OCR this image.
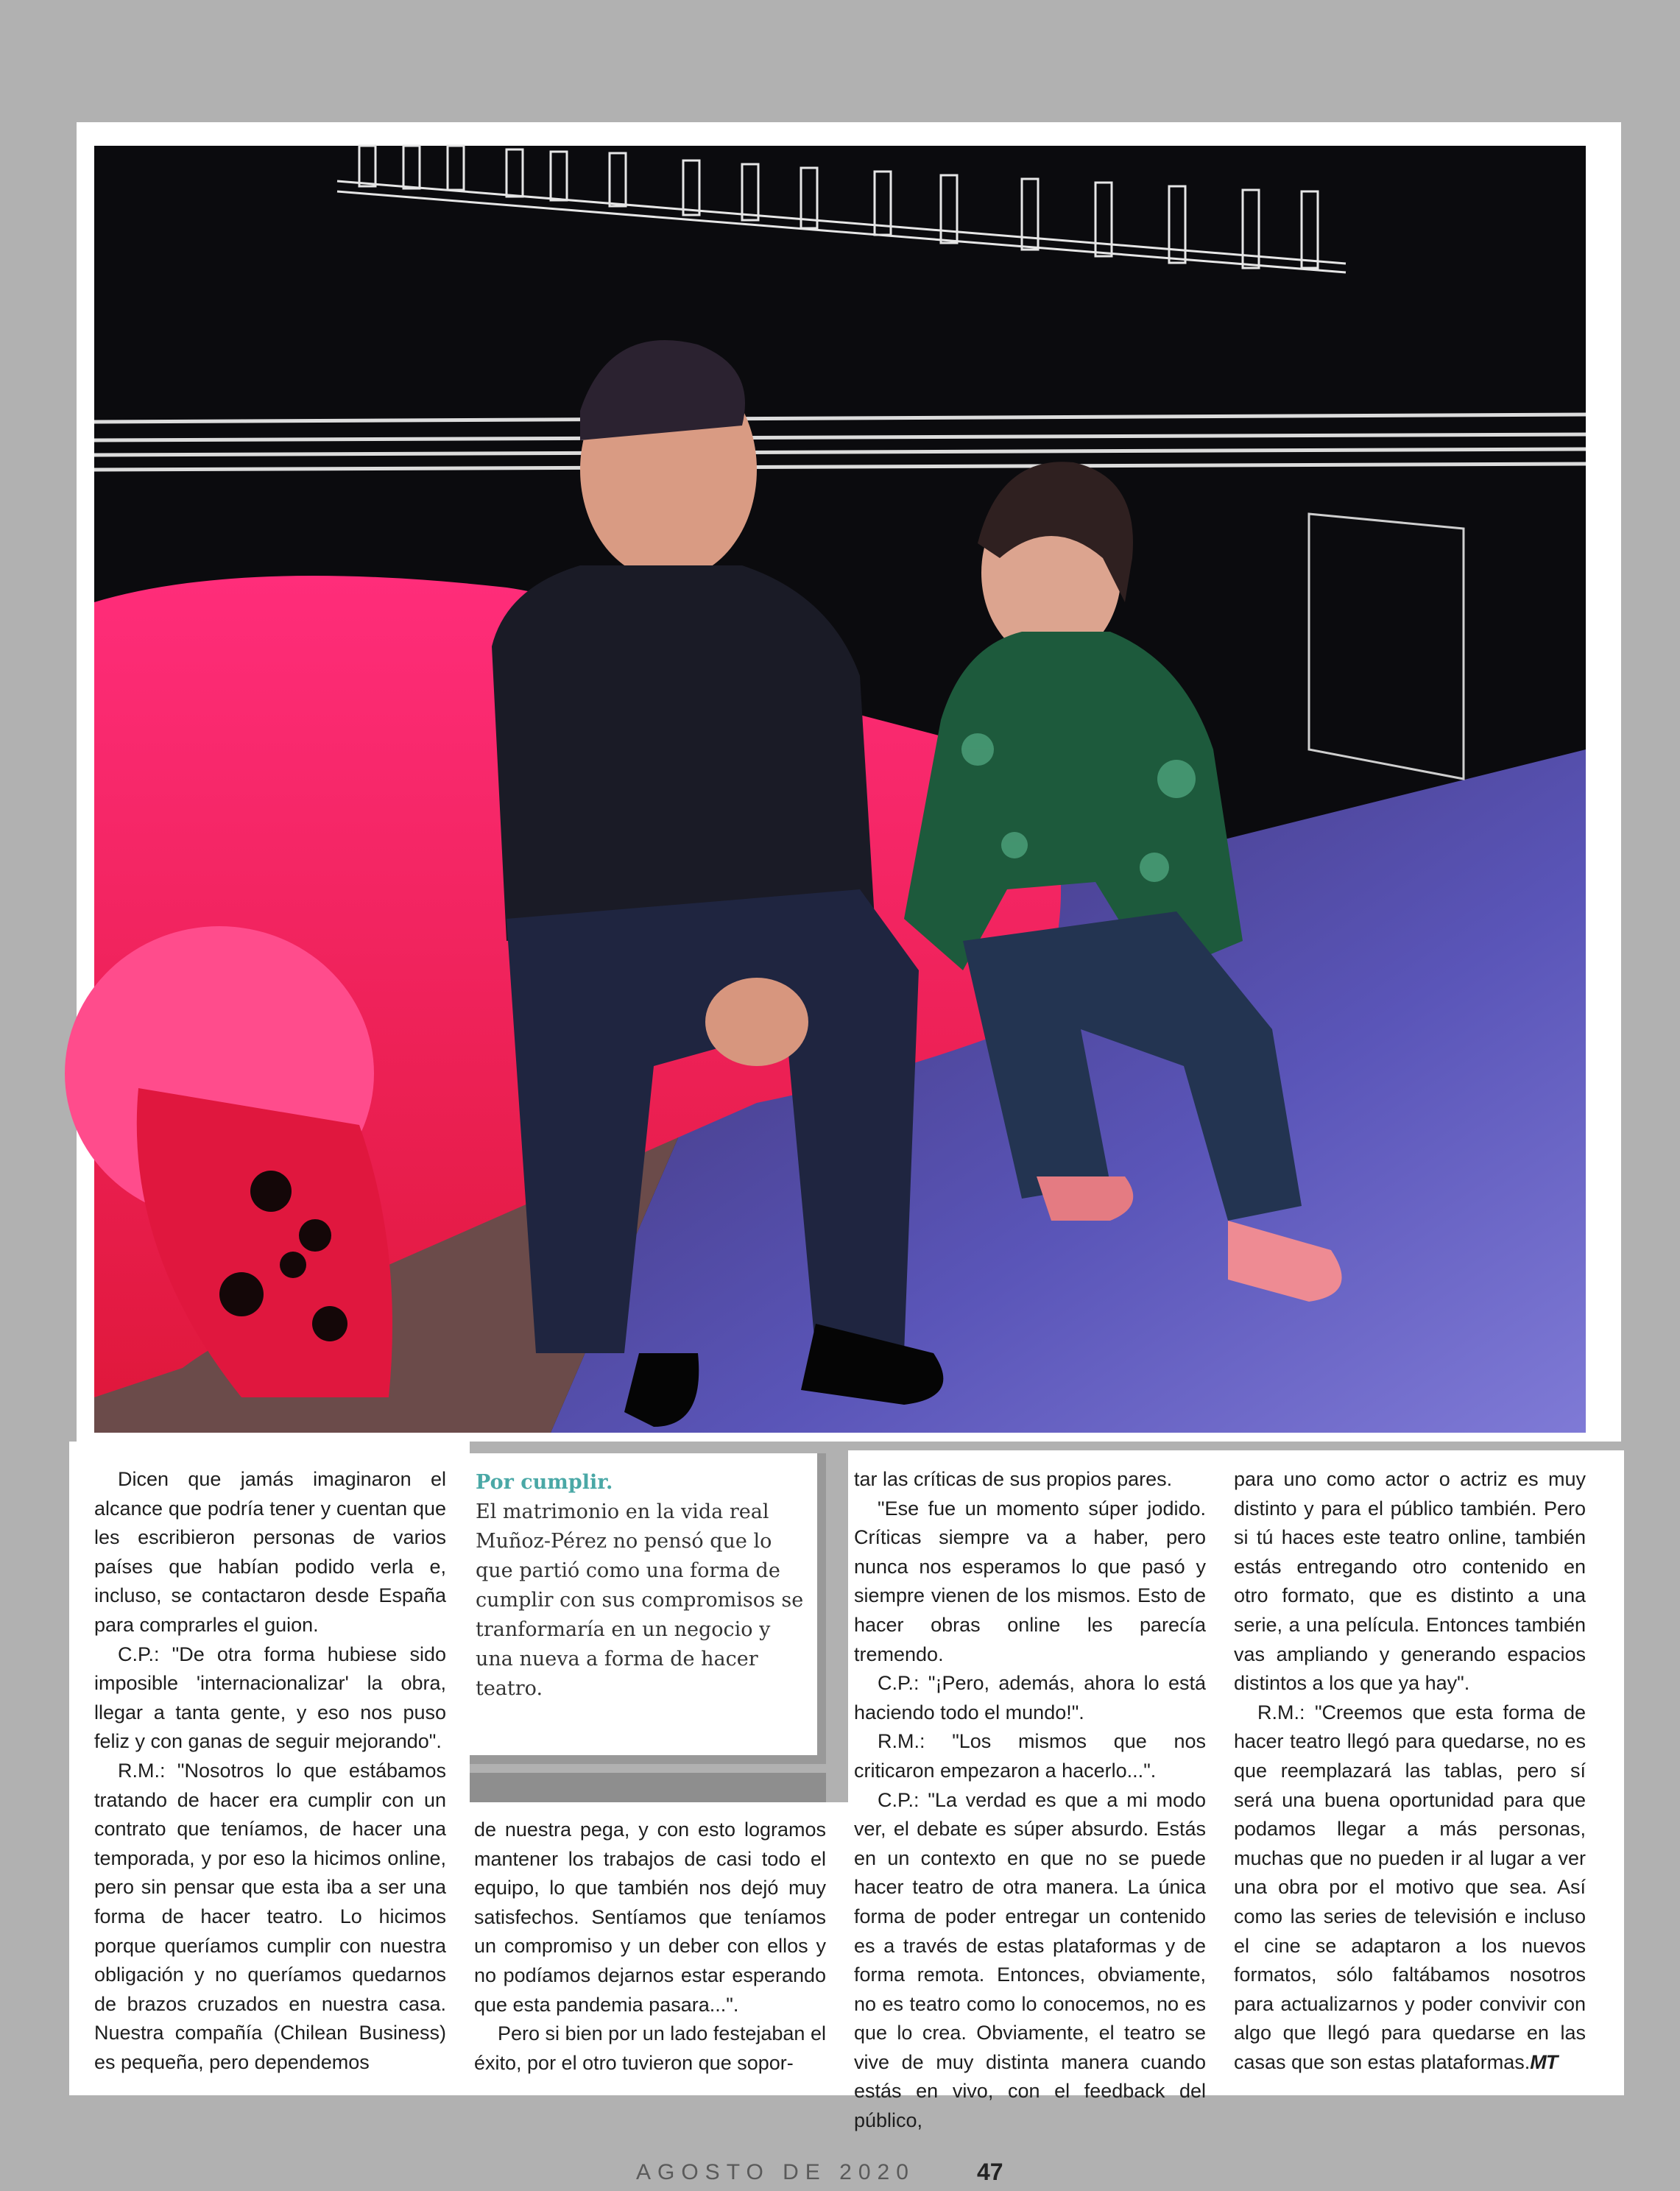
Dicen que jamás imaginaron el alcance que podría tener y cuentan que les escribieron personas de varios países que habían podido verla e, incluso, se contactaron desde España para comprarles el guion.

C.P.: "De otra forma hubiese sido imposible 'internacionalizar' la obra, llegar a tanta gente, y eso nos puso feliz y con ganas de seguir mejorando".

R.M.: "Nosotros lo que estábamos tratando de hacer era cumplir con un contrato que teníamos, de hacer una temporada, y por eso la hicimos online, pero sin pensar que esta iba a ser una forma de hacer teatro. Lo hicimos porque queríamos cumplir con nuestra obligación y no queríamos quedarnos de brazos cruzados en nuestra casa. Nuestra compañía (Chilean Business) es pequeña, pero dependemos

Por cumplir.
El matrimonio en la vida real Muñoz-Pérez no pensó que lo que partió como una forma de cumplir con sus compromisos se tranformaría en un negocio y una nueva a forma de hacer teatro.

de nuestra pega, y con esto logramos mantener los trabajos de casi todo el equipo, lo que también nos dejó muy satisfechos. Sentíamos que teníamos un compromiso y un deber con ellos y no podíamos dejarnos estar esperando que esta pandemia pasara...".

Pero si bien por un lado festejaban el éxito, por el otro tuvieron que sopor-

tar las críticas de sus propios pares.

"Ese fue un momento súper jodido. Críticas siempre va a haber, pero nunca nos esperamos lo que pasó y siempre vienen de los mismos. Esto de hacer obras online les parecía tremendo.

C.P.: "¡Pero, además, ahora lo está haciendo todo el mundo!".

R.M.: "Los mismos que nos criticaron empezaron a hacerlo...".

C.P.: "La verdad es que a mi modo ver, el debate es súper absurdo. Estás en un contexto en que no se puede hacer teatro de otra manera. La única forma de poder entregar un contenido es a través de estas plataformas y de forma remota. Entonces, obviamente, no es teatro como lo conocemos, no es que lo crea. Obviamente, el teatro se vive de muy distinta manera cuando estás en vivo, con el feedback del público,

para uno como actor o actriz es muy distinto y para el público también. Pero si tú haces este teatro online, también estás entregando otro contenido en otro formato, que es distinto a una serie, a una película. Entonces también vas ampliando y generando espacios distintos a los que ya hay".

R.M.: "Creemos que esta forma de hacer teatro llegó para quedarse, no es que reemplazará las tablas, pero sí será una buena oportunidad para que podamos llegar a más personas, muchas que no pueden ir al lugar a ver una obra por el motivo que sea. Así como las series de televisión e incluso el cine se adaptaron a los nuevos formatos, sólo faltábamos nosotros para actualizarnos y poder convivir con algo que llegó para quedarse en las casas que son estas plataformas.MT

AGOSTO DE 2020	47
